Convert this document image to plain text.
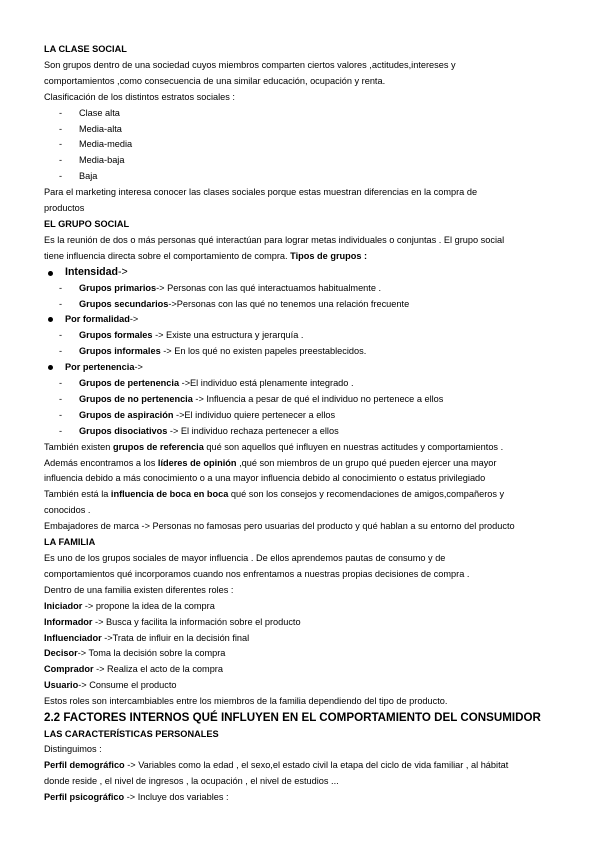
LA CLASE SOCIAL
Son grupos dentro de una sociedad cuyos miembros comparten ciertos valores ,actitudes,intereses y
comportamientos ,como consecuencia de una similar educación, ocupación y renta.
Clasificación de los distintos estratos sociales :
- Clase alta
- Media-alta
- Media-media
- Media-baja
- Baja
Para el marketing interesa conocer las clases sociales porque estas muestran diferencias en la compra de
productos
EL GRUPO SOCIAL
Es la reunión de dos o más personas qué interactúan para lograr metas individuales o conjuntas . El grupo social
tiene influencia directa sobre el comportamiento de compra. Tipos de grupos :
Intensidad->
- Grupos primarios-> Personas con las qué interactuamos habitualmente .
- Grupos secundarios->Personas con las qué no tenemos una relación frecuente
Por formalidad->
- Grupos formales -> Existe una estructura y jerarquía .
- Grupos informales -> En los qué no existen papeles preestablecidos.
Por pertenencia->
- Grupos de pertenencia ->El individuo está plenamente integrado .
- Grupos de no pertenencia -> Influencia a pesar de qué el individuo no pertenece a ellos
- Grupos de aspiración ->El individuo quiere pertenecer a ellos
- Grupos disociativos -> El individuo rechaza pertenecer a ellos
También existen grupos de referencia qué son aquellos qué influyen en nuestras actitudes y comportamientos .
Además encontramos a los líderes de opinión ,qué son miembros de un grupo qué pueden ejercer una mayor
influencia debido a más conocimiento o a una mayor influencia debido al conocimiento o estatus privilegiado
También está la influencia de boca en boca qué son los consejos y recomendaciones de amigos,compañeros y
conocidos .
Embajadores de marca -> Personas no famosas pero usuarias del producto y qué hablan a su entorno del producto
LA FAMILIA
Es uno de los grupos sociales de mayor influencia . De ellos aprendemos pautas de consumo y de
comportamientos qué incorporamos cuando nos enfrentamos a nuestras propias decisiones de compra .
Dentro de una familia existen diferentes roles :
Iniciador -> propone la idea de la compra
Informador -> Busca y facilita la información sobre el producto
Influenciador ->Trata de influir en la decisión final
Decisor-> Toma la decisión sobre la compra
Comprador -> Realiza el acto de la compra
Usuario-> Consume el producto
Estos roles son intercambiables entre los miembros de la familia dependiendo del tipo de producto.
2.2 FACTORES INTERNOS QUÉ INFLUYEN EN EL COMPORTAMIENTO DEL CONSUMIDOR
LAS CARACTERÍSTICAS PERSONALES
Distinguimos :
Perfil demográfico -> Variables como la edad , el sexo,el estado civil la etapa del ciclo de vida familiar , al hábitat
donde reside , el nivel de ingresos , la ocupación , el nivel de estudios ...
Perfil psicográfico -> Incluye dos variables :
